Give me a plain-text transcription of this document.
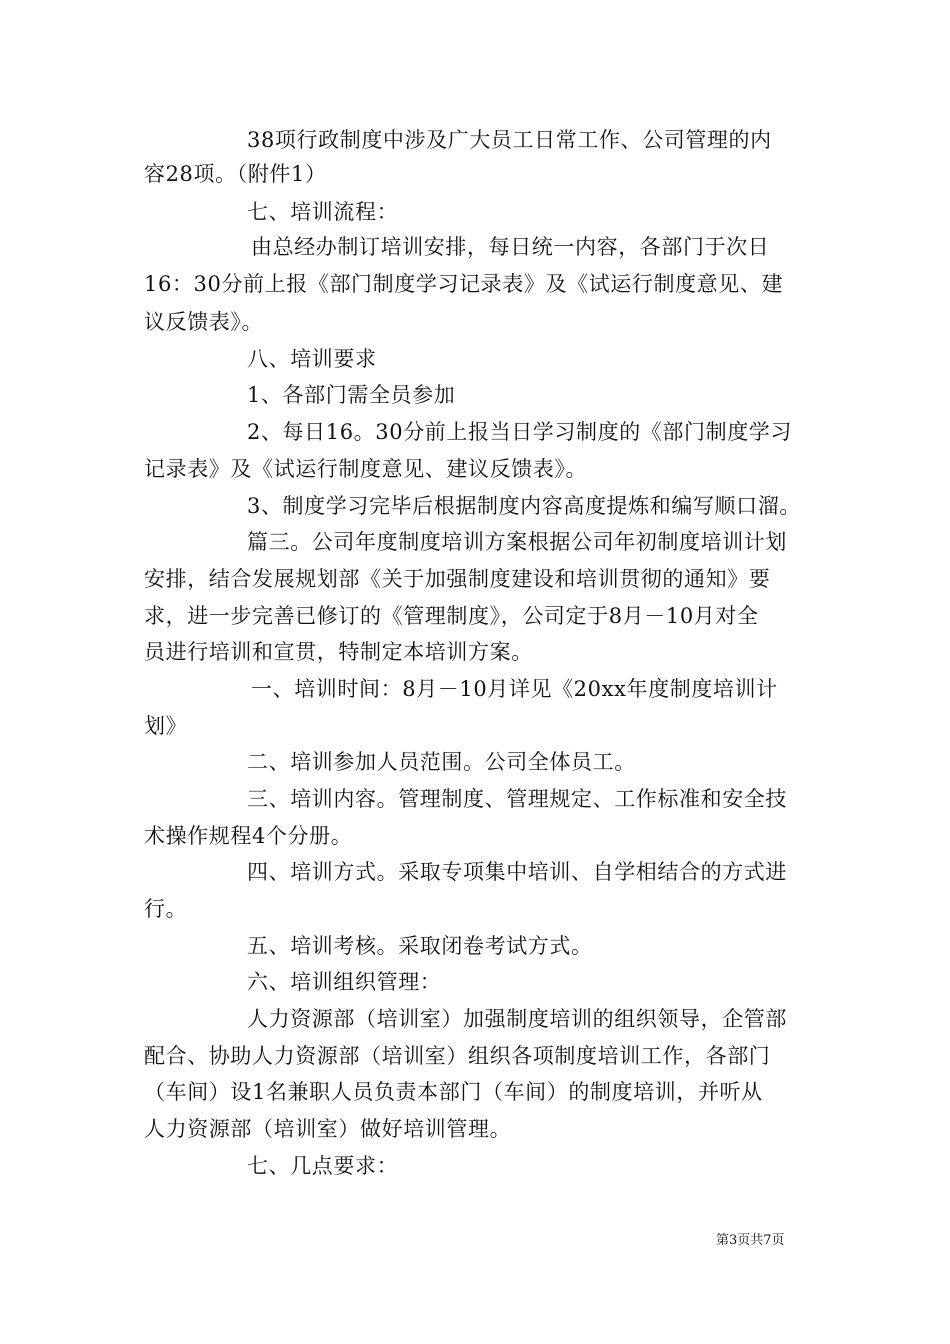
38项行政制度中涉及广大员工日常工作、公司管理的内
容28项。（附件1）
七、培训流程：
由总经办制订培训安排，每日统一内容，各部门于次日
16：30分前上报《部门制度学习记录表》及《试运行制度意见、建
议反馈表》。
八、培训要求
1、各部门需全员参加
2、每日16。30分前上报当日学习制度的《部门制度学习
记录表》及《试运行制度意见、建议反馈表》。
3、制度学习完毕后根据制度内容高度提炼和编写顺口溜。
篇三。公司年度制度培训方案根据公司年初制度培训计划
安排，结合发展规划部《关于加强制度建设和培训贯彻的通知》要
求，进一步完善已修订的《管理制度》，公司定于8月－10月对全
员进行培训和宣贯，特制定本培训方案。
一、培训时间：8月－10月详见《20xx年度制度培训计
划》
二、培训参加人员范围。公司全体员工。
三、培训内容。管理制度、管理规定、工作标准和安全技
术操作规程4个分册。
四、培训方式。采取专项集中培训、自学相结合的方式进
行。
五、培训考核。采取闭卷考试方式。
六、培训组织管理：
人力资源部（培训室）加强制度培训的组织领导，企管部
配合、协助人力资源部（培训室）组织各项制度培训工作，各部门
（车间）设1名兼职人员负责本部门（车间）的制度培训，并听从
人力资源部（培训室）做好培训管理。
七、几点要求：
第3页共7页
